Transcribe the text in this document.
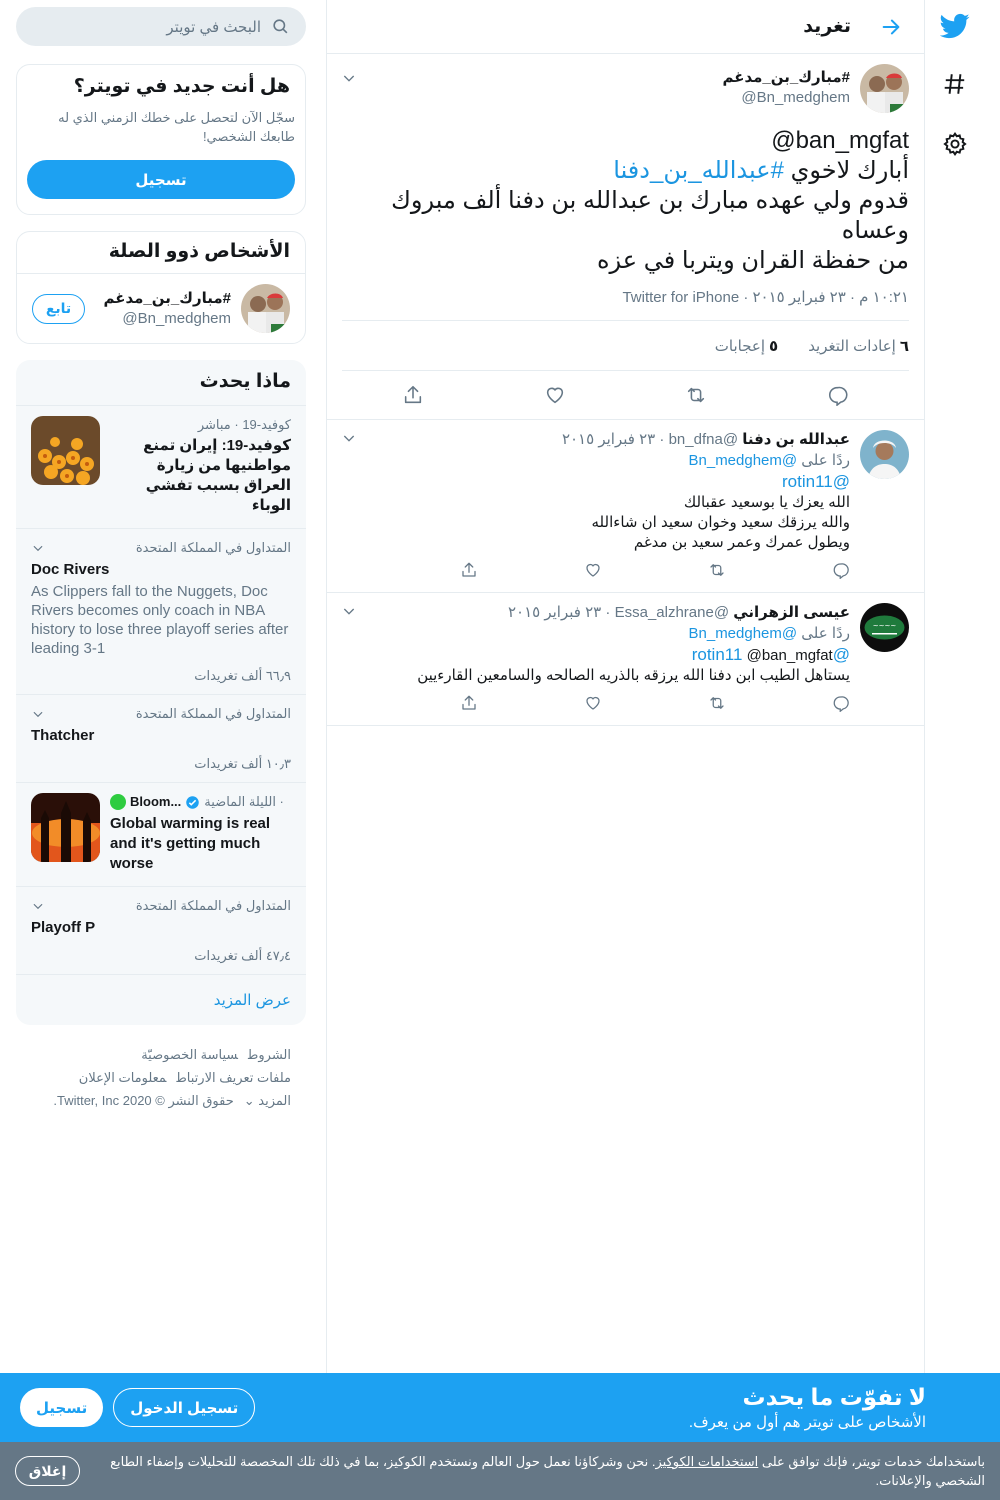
تغريد
#مبارك_بن_مدغم
@Bn_medghem
@ban_mgfat
أبارك لاخوي #عبدالله_بن_دفنا
قدوم ولي عهده مبارك بن عبدالله بن دفنا ألف مبروك وعساه
من حفظة القران ويتربا في عزه
١٠:٢١ م · ٢٣ فبراير ٢٠١٥ · Twitter for iPhone
٦إعادات التغريد
٥إعجابات
عبدالله بن دفنا @bn_dfna · ٢٣ فبراير ٢٠١٥
ردًا على @Bn_medghem
@rotin11
الله يعزك يا بوسعيد عقبالك
والله يرزقك سعيد وخوان سعيد ان شاءالله
ويطول عمرك وعمر سعيد بن مدغم
~~~~
عيسى الزهراني @Essa_alzhrane · ٢٣ فبراير ٢٠١٥
ردًا على @Bn_medghem
@rotin11 @ban_mgfat
يستاهل الطيب ابن دفنا الله يرزقه بالذريه الصالحه والسامعين القارءيين
البحث في تويتر
هل أنت جديد في تويتر؟
سجّل الآن لتحصل على خطك الزمني الذي له طابعك الشخصي!
تسجيل
الأشخاص ذوو الصلة
#مبارك_بن_مدغم
@Bn_medghem
تابع
ماذا يحدث
كوفيد-19 · مباشر
كوفيد-19: إيران تمنع مواطنيها من زيارة العراق بسبب تفشي الوباء
المتداول في المملكة المتحدة
Doc Rivers
As Clippers fall to the Nuggets, Doc Rivers becomes only coach in NBA history to lose three playoff series after leading 3-1
٦٦٫٩ ألف تغريدات
المتداول في المملكة المتحدة
Thatcher
١٠٫٣ ألف تغريدات
Bloom... · الليلة الماضية
Global warming is real and it's getting much worse
المتداول في المملكة المتحدة
Playoff P
٤٧٫٤ ألف تغريدات
عرض المزيد
الشروطسياسة الخصوصيّة
ملفات تعريف الارتباطمعلومات الإعلان
المزيد ⌄حقوق النشر © 2020 Twitter, Inc.
لا تفوّت ما يحدث
الأشخاص على تويتر هم أول من يعرف.
تسجيل الدخول
تسجيل
باستخدامك خدمات تويتر، فإنك توافق على استخدامات الكوكيز. نحن وشركاؤنا نعمل حول العالم ونستخدم الكوكيز، بما في ذلك تلك المخصصة للتحليلات وإضفاء الطابع الشخصي والإعلانات.
إغلاق
